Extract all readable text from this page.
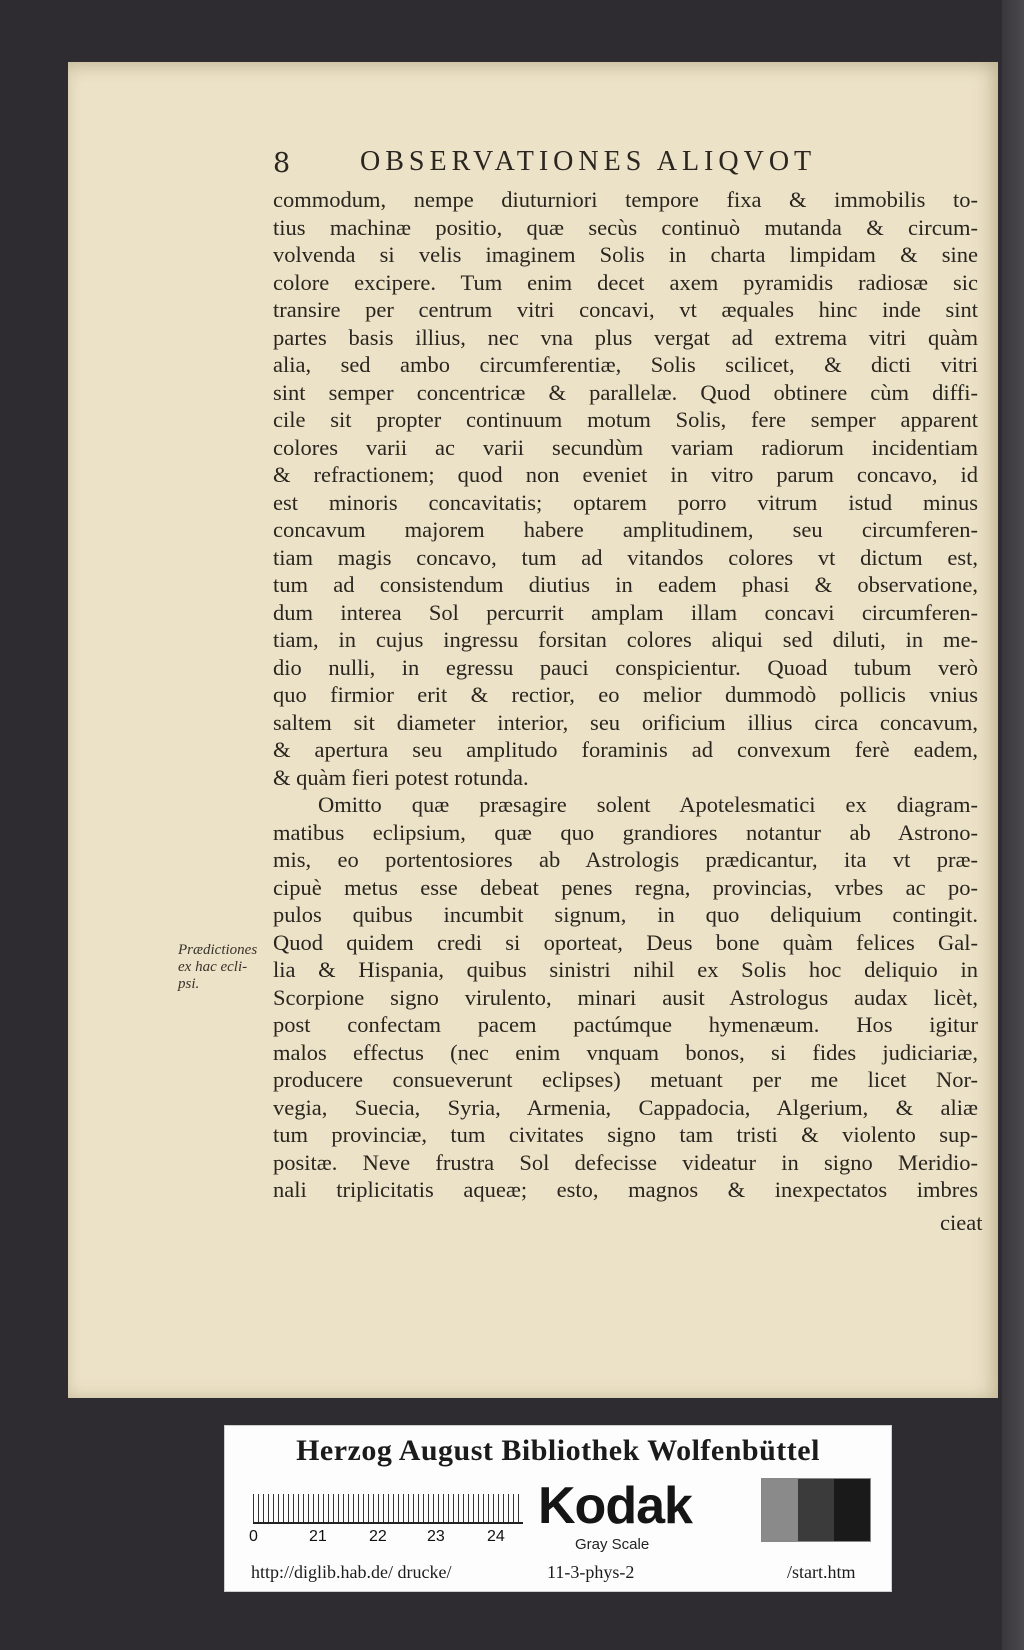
8 OBSERVATIONES ALIQVOT
Prædictiones
ex hac ecli-
psi.
commodum, nempe diuturniori tempore fixa & immobilis to-
tius machinæ positio, quæ secùs continuò mutanda & circum-
volvenda si velis imaginem Solis in charta limpidam & sine
colore excipere. Tum enim decet axem pyramidis radiosæ sic
transire per centrum vitri concavi, vt æquales hinc inde sint
partes basis illius, nec vna plus vergat ad extrema vitri quàm
alia, sed ambo circumferentiæ, Solis scilicet, & dicti vitri
sint semper concentricæ & parallelæ. Quod obtinere cùm diffi-
cile sit propter continuum motum Solis, fere semper apparent
colores varii ac varii secundùm variam radiorum incidentiam
& refractionem; quod non eveniet in vitro parum concavo, id
est minoris concavitatis; optarem porro vitrum istud minus
concavum majorem habere amplitudinem, seu circumferen-
tiam magis concavo, tum ad vitandos colores vt dictum est,
tum ad consistendum diutius in eadem phasi & observatione,
dum interea Sol percurrit amplam illam concavi circumferen-
tiam, in cujus ingressu forsitan colores aliqui sed diluti, in me-
dio nulli, in egressu pauci conspicientur. Quoad tubum verò
quo firmior erit & rectior, eo melior dummodò pollicis vnius
saltem sit diameter interior, seu orificium illius circa concavum,
& apertura seu amplitudo foraminis ad convexum ferè eadem,
& quàm fieri potest rotunda.
Omitto quæ præsagire solent Apotelesmatici ex diagram-
matibus eclipsium, quæ quo grandiores notantur ab Astrono-
mis, eo portentosiores ab Astrologis prædicantur, ita vt præ-
cipuè metus esse debeat penes regna, provincias, vrbes ac po-
pulos quibus incumbit signum, in quo deliquium contingit.
Quod quidem credi si oporteat, Deus bone quàm felices Gal-
lia & Hispania, quibus sinistri nihil ex Solis hoc deliquio in
Scorpione signo virulento, minari ausit Astrologus audax licèt,
post confectam pacem pactúmque hymenæum. Hos igitur
malos effectus (nec enim vnquam bonos, si fides judiciariæ,
producere consueverunt eclipses) metuant per me licet Nor-
vegia, Suecia, Syria, Armenia, Cappadocia, Algerium, & aliæ
tum provinciæ, tum civitates signo tam tristi & violento sup-
positæ. Neve frustra Sol defecisse videatur in signo Meridio-
nali triplicitatis aqueæ; esto, magnos & inexpectatos imbres
cieat
Herzog August Bibliothek Wolfenbüttel
0	21	22	23	24
Kodak
Gray Scale
http://diglib.hab.de/ drucke/	11-3-phys-2	/start.htm
